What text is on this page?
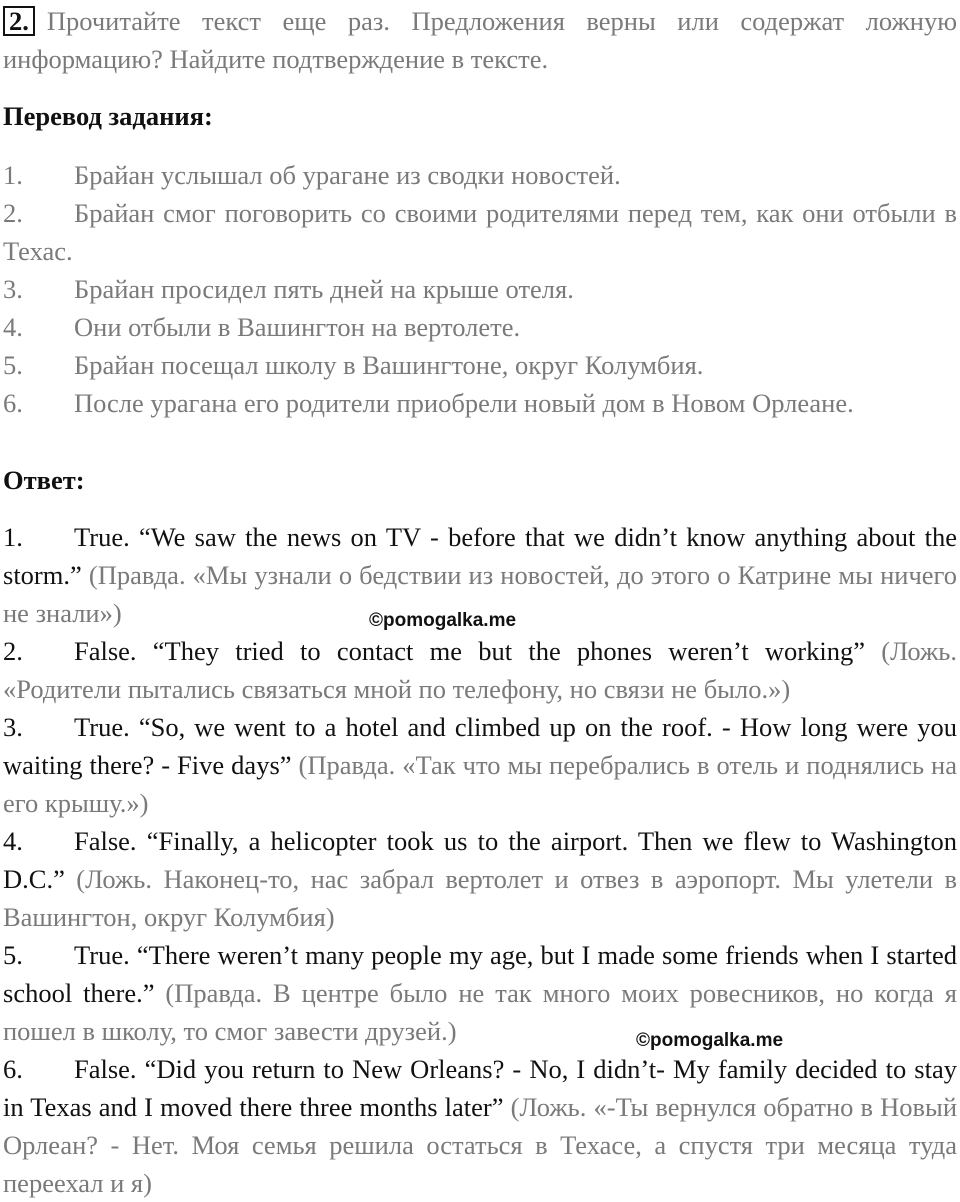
2. Прочитайте текст еще раз. Предложения верны или содержат ложную информацию? Найдите подтверждение в тексте.
Перевод задания:
1. Брайан услышал об урагане из сводки новостей.
2. Брайан смог поговорить со своими родителями перед тем, как они отбыли в Техас.
3. Брайан просидел пять дней на крыше отеля.
4. Они отбыли в Вашингтон на вертолете.
5. Брайан посещал школу в Вашингтоне, округ Колумбия.
6. После урагана его родители приобрели новый дом в Новом Орлеане.
Ответ:
1. True. “We saw the news on TV - before that we didn’t know anything about the storm.” (Правда. «Мы узнали о бедствии из новостей, до этого о Катрине мы ничего не знали»)
2. False. “They tried to contact me but the phones weren’t working” (Ложь. «Родители пытались связаться мной по телефону, но связи не было.»)
3. True. “So, we went to a hotel and climbed up on the roof. - How long were you waiting there? - Five days” (Правда. «Так что мы перебрались в отель и поднялись на его крышу.»)
4. False. “Finally, a helicopter took us to the airport. Then we flew to Washington D.C.” (Ложь. Наконец-то, нас забрал вертолет и отвез в аэропорт. Мы улетели в Вашингтон, округ Колумбия)
5. True. “There weren’t many people my age, but I made some friends when I started school there.” (Правда. В центре было не так много моих ровесников, но когда я пошел в школу, то смог завести друзей.)
6. False. “Did you return to New Orleans? - No, I didn’t- My family decided to stay in Texas and I moved there three months later” (Ложь. «-Ты вернулся обратно в Новый Орлеан? - Нет. Моя семья решила остаться в Техасе, а спустя три месяца туда переехал и я)
©pomogalka.me
©pomogalka.me
